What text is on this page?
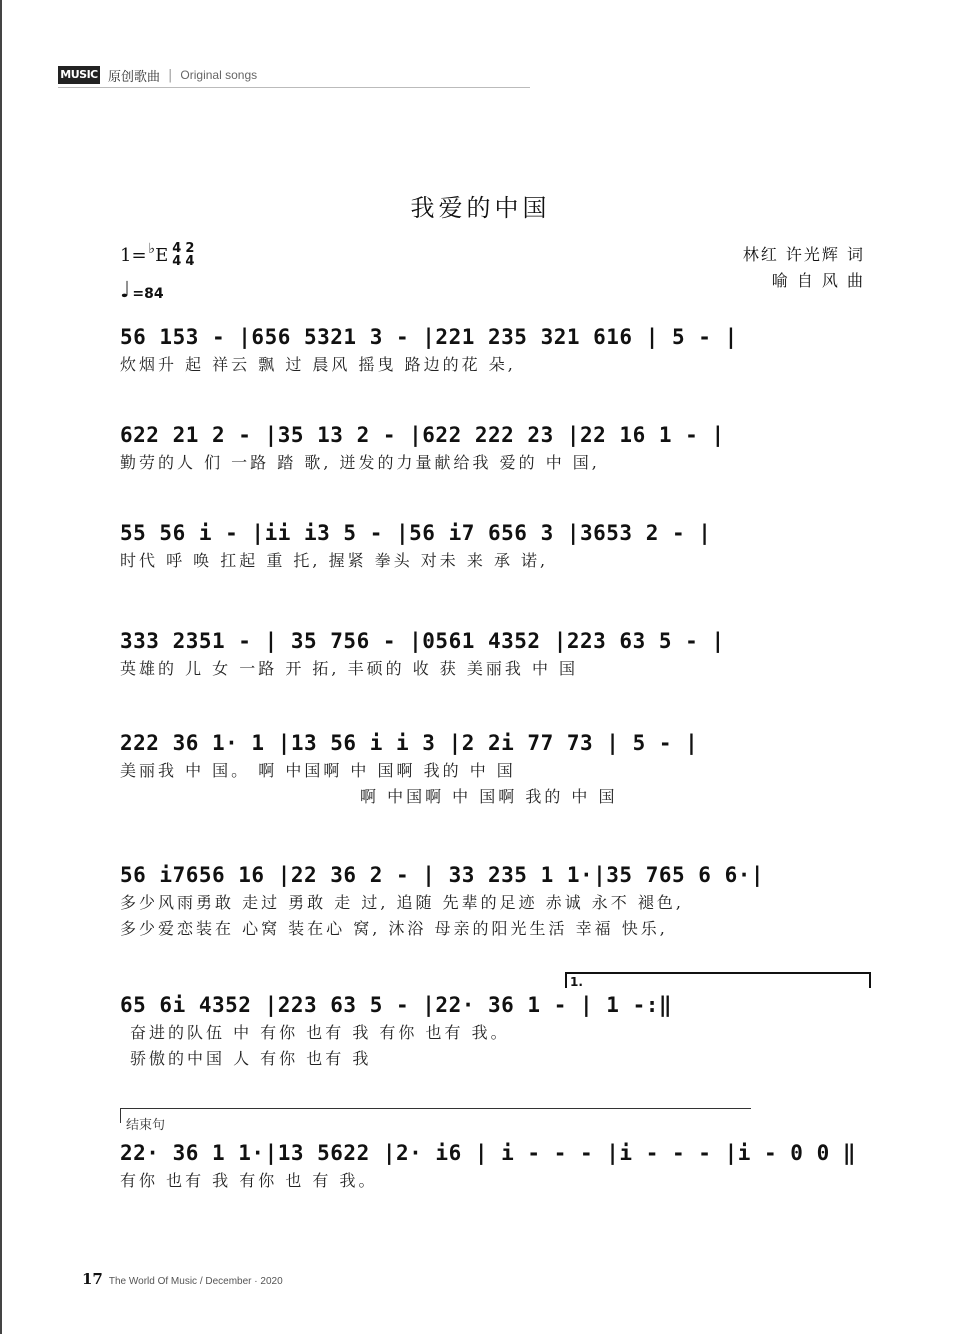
MUSIC 原创歌曲 | Original songs
我爱的中国
1= ♭ E 4
4
2
4
♩ =84
林红 许光辉 词
喻 自 风 曲
56 153 - |656 5321 3 - |221 235 321 616 | 5 - |
炊烟升 起 祥云 飘 过 晨风 摇曳 路边的花 朵,
622 21 2 - |35 13 2 - |622 222 23 |22 16 1 - |
勤劳的人 们 一路 踏 歌, 迸发的力量献给我 爱的 中 国,
55 56 i - |ii i3 5 - |56 i7 656 3 |3653 2 - |
时代 呼 唤 扛起 重 托, 握紧 拳头 对未 来 承 诺,
333 2351 - | 35 756 - |0561 4352 |223 63 5 - |
英雄的 儿 女 一路 开 拓, 丰硕的 收 获 美丽我 中 国
222 36 1· 1 |13 56 i i 3 |2 2i 77 73 | 5 - |
美丽我 中 国。 啊 中国啊 中 国啊 我的 中 国
啊 中国啊 中 国啊 我的 中 国
56 i7656 16 |22 36 2 - | 33 235 1 1·|35 765 6 6·|
多少风雨勇敢 走过 勇敢 走 过, 追随 先辈的足迹 赤诚 永不 褪色,
多少爱恋装在 心窝 装在心 窝, 沐浴 母亲的阳光生活 幸福 快乐,
1.
65 6i 4352 |223 63 5 - |22· 36 1 - | 1 -:‖
奋进的队伍 中 有你 也有 我 有你 也有 我。
骄傲的中国 人 有你 也有 我
结束句
22· 36 1 1·|13 5622 |2· i6 | i - - - |i - - - |i - 0 0 ‖
有你 也有 我 有你 也 有 我。
17 The World Of Music / December · 2020
